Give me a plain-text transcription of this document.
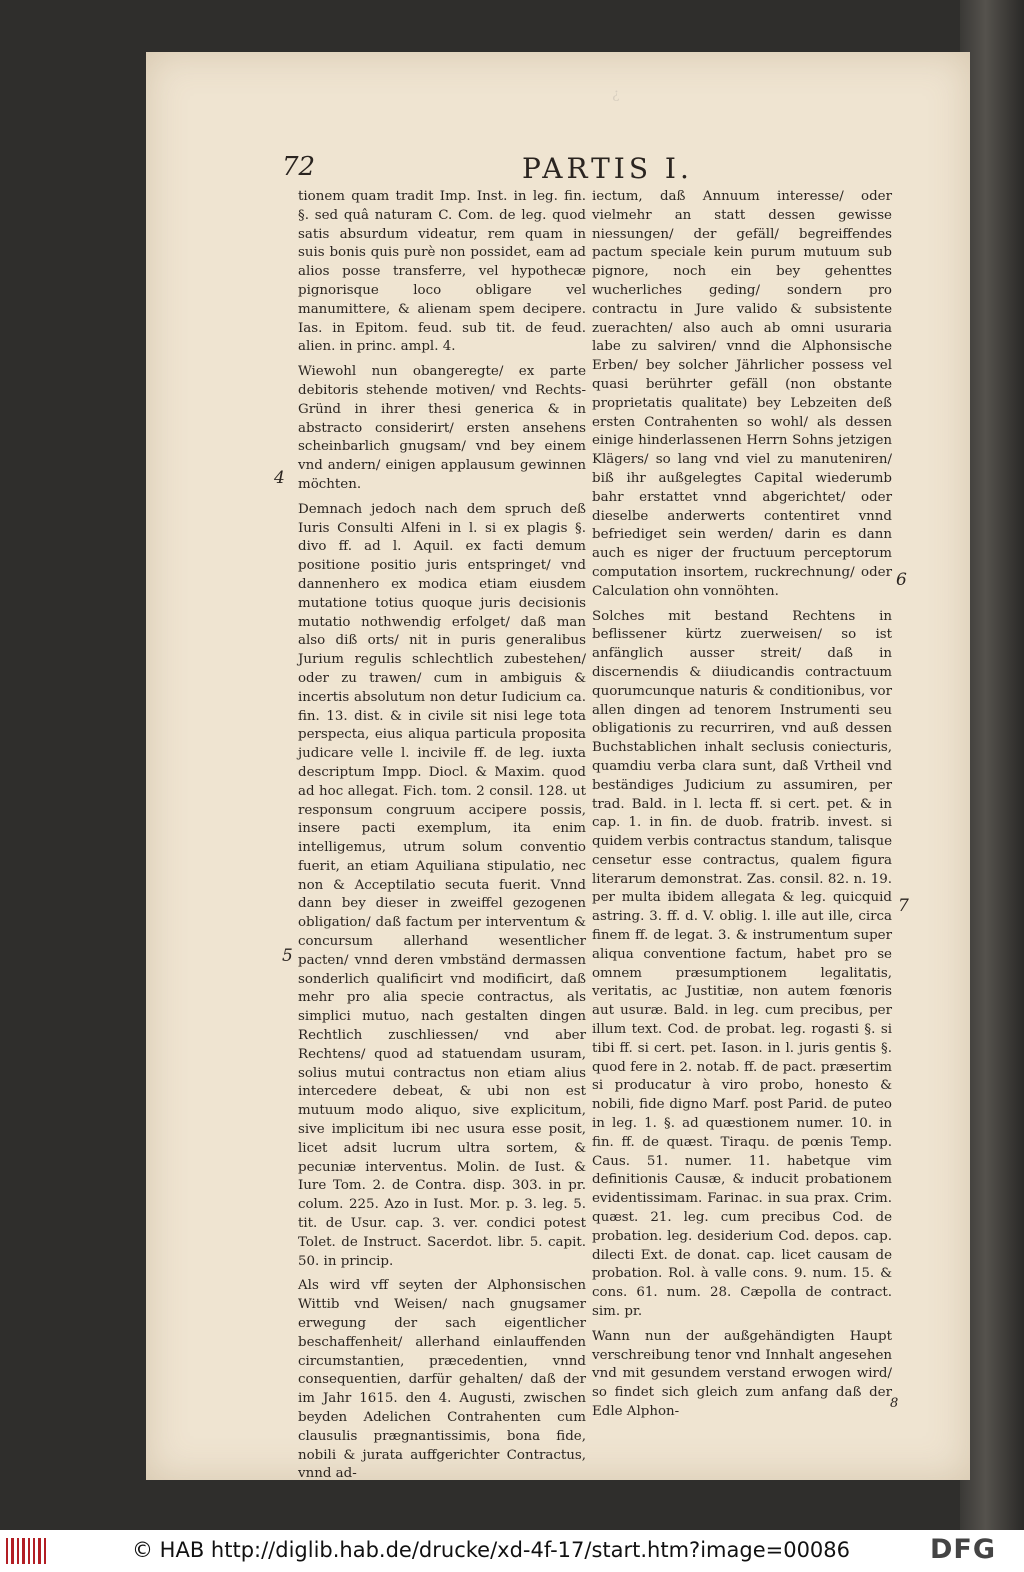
¿
72	PARTIS I.

tionem quam tradit Imp. Inst. in leg. fin. §. sed quâ naturam C. Com. de leg. quod satis absurdum videatur, rem quam in suis bonis quis purè non possidet, eam ad alios posse transferre, vel hypothecæ pignorisque loco obligare vel manumittere, & alienam spem decipere. Ias. in Epitom. feud. sub tit. de feud. alien. in princ. ampl. 4.

Wiewohl nun obangeregte/ ex parte debitoris stehende motiven/ vnd Rechts-Gründ in ihrer thesi generica & in abstracto considerirt/ ersten ansehens scheinbarlich gnugsam/ vnd bey einem vnd andern/ einigen applausum gewinnen möchten.

Demnach jedoch nach dem spruch deß Iuris Consulti Alfeni in l. si ex plagis §. divo ff. ad l. Aquil. ex facti demum positione positio juris entspringet/ vnd dannenhero ex modica etiam eiusdem mutatione totius quoque juris decisionis mutatio nothwendig erfolget/ daß man also diß orts/ nit in puris generalibus Jurium regulis schlechtlich zubestehen/ oder zu trawen/ cum in ambiguis & incertis absolutum non detur Iudicium ca. fin. 13. dist. & in civile sit nisi lege tota perspecta, eius aliqua particula proposita judicare velle l. incivile ff. de leg. iuxta descriptum Impp. Diocl. & Maxim. quod ad hoc allegat. Fich. tom. 2 consil. 128. ut responsum congruum accipere possis, insere pacti exemplum, ita enim intelligemus, utrum solum conventio fuerit, an etiam Aquiliana stipulatio, nec non & Acceptilatio secuta fuerit. Vnnd dann bey dieser in zweiffel gezogenen obligation/ daß factum per interventum & concursum allerhand wesentlicher pacten/ vnnd deren vmbständ dermassen sonderlich qualificirt vnd modificirt, daß mehr pro alia specie contractus, als simplici mutuo, nach gestalten dingen Rechtlich zuschliessen/ vnd aber Rechtens/ quod ad statuendam usuram, solius mutui contractus non etiam alius intercedere debeat, & ubi non est mutuum modo aliquo, sive explicitum, sive implicitum ibi nec usura esse posit, licet adsit lucrum ultra sortem, & pecuniæ interventus. Molin. de Iust. & Iure Tom. 2. de Contra. disp. 303. in pr. colum. 225. Azo in Iust. Mor. p. 3. leg. 5. tit. de Usur. cap. 3. ver. condici potest Tolet. de Instruct. Sacerdot. libr. 5. capit. 50. in princip.

Als wird vff seyten der Alphonsischen Wittib vnd Weisen/ nach gnugsamer erwegung der sach eigentlicher beschaffenheit/ allerhand einlauffenden circumstantien, præcedentien, vnnd consequentien, darfür gehalten/ daß der im Jahr 1615. den 4. Augusti, zwischen beyden Adelichen Contrahenten cum clausulis prægnantissimis, bona fide, nobili & jurata auffgerichter Contractus, vnnd ad-

iectum, daß Annuum interesse/ oder vielmehr an statt dessen gewisse niessungen/ der gefäll/ begreiffendes pactum speciale kein purum mutuum sub pignore, noch ein bey gehenttes wucherliches geding/ sondern pro contractu in Jure valido & subsistente zuerachten/ also auch ab omni usuraria labe zu salviren/ vnnd die Alphonsische Erben/ bey solcher Jährlicher possess vel quasi berührter gefäll (non obstante proprietatis qualitate) bey Lebzeiten deß ersten Contrahenten so wohl/ als dessen einige hinderlassenen Herrn Sohns jetzigen Klägers/ so lang vnd viel zu manuteniren/ biß ihr außgelegtes Capital wiederumb bahr erstattet vnnd abgerichtet/ oder dieselbe anderwerts contentiret vnnd befriediget sein werden/ darin es dann auch es niger der fructuum perceptorum computation insortem, ruckrechnung/ oder Calculation ohn vonnöhten.

Solches mit bestand Rechtens in beflissener kürtz zuerweisen/ so ist anfänglich ausser streit/ daß in discernendis & diiudicandis contractuum quorumcunque naturis & conditionibus, vor allen dingen ad tenorem Instrumenti seu obligationis zu recurriren, vnd auß dessen Buchstablichen inhalt seclusis coniecturis, quamdiu verba clara sunt, daß Vrtheil vnd beständiges Judicium zu assumiren, per trad. Bald. in l. lecta ff. si cert. pet. & in cap. 1. in fin. de duob. fratrib. invest. si quidem verbis contractus standum, talisque censetur esse contractus, qualem figura literarum demonstrat. Zas. consil. 82. n. 19. per multa ibidem allegata & leg. quicquid astring. 3. ff. d. V. oblig. l. ille aut ille, circa finem ff. de legat. 3. & instrumentum super aliqua conventione factum, habet pro se omnem præsumptionem legalitatis, veritatis, ac Justitiæ, non autem fœnoris aut usuræ. Bald. in leg. cum precibus, per illum text. Cod. de probat. leg. rogasti §. si tibi ff. si cert. pet. Iason. in l. juris gentis §. quod fere in 2. notab. ff. de pact. præsertim si producatur à viro probo, honesto & nobili, fide digno Marf. post Parid. de puteo in leg. 1. §. ad quæstionem numer. 10. in fin. ff. de quæst. Tiraqu. de pœnis Temp. Caus. 51. numer. 11. habetque vim definitionis Causæ, & inducit probationem evidentissimam. Farinac. in sua prax. Crim. quæst. 21. leg. cum precibus Cod. de probation. leg. desiderium Cod. depos. cap. dilecti Ext. de donat. cap. licet causam de probation. Rol. à valle cons. 9. num. 15. & cons. 61. num. 28. Cæpolla de contract. sim. pr.

Wann nun der außgehändigten Haupt verschreibung tenor vnd Innhalt angesehen vnd mit gesundem verstand erwogen wird/ so findet sich gleich zum anfang daß der Edle Alphon-

4
5
6
7
8
© HAB http://diglib.hab.de/drucke/xd-4f-17/start.htm?image=00086	DFG
